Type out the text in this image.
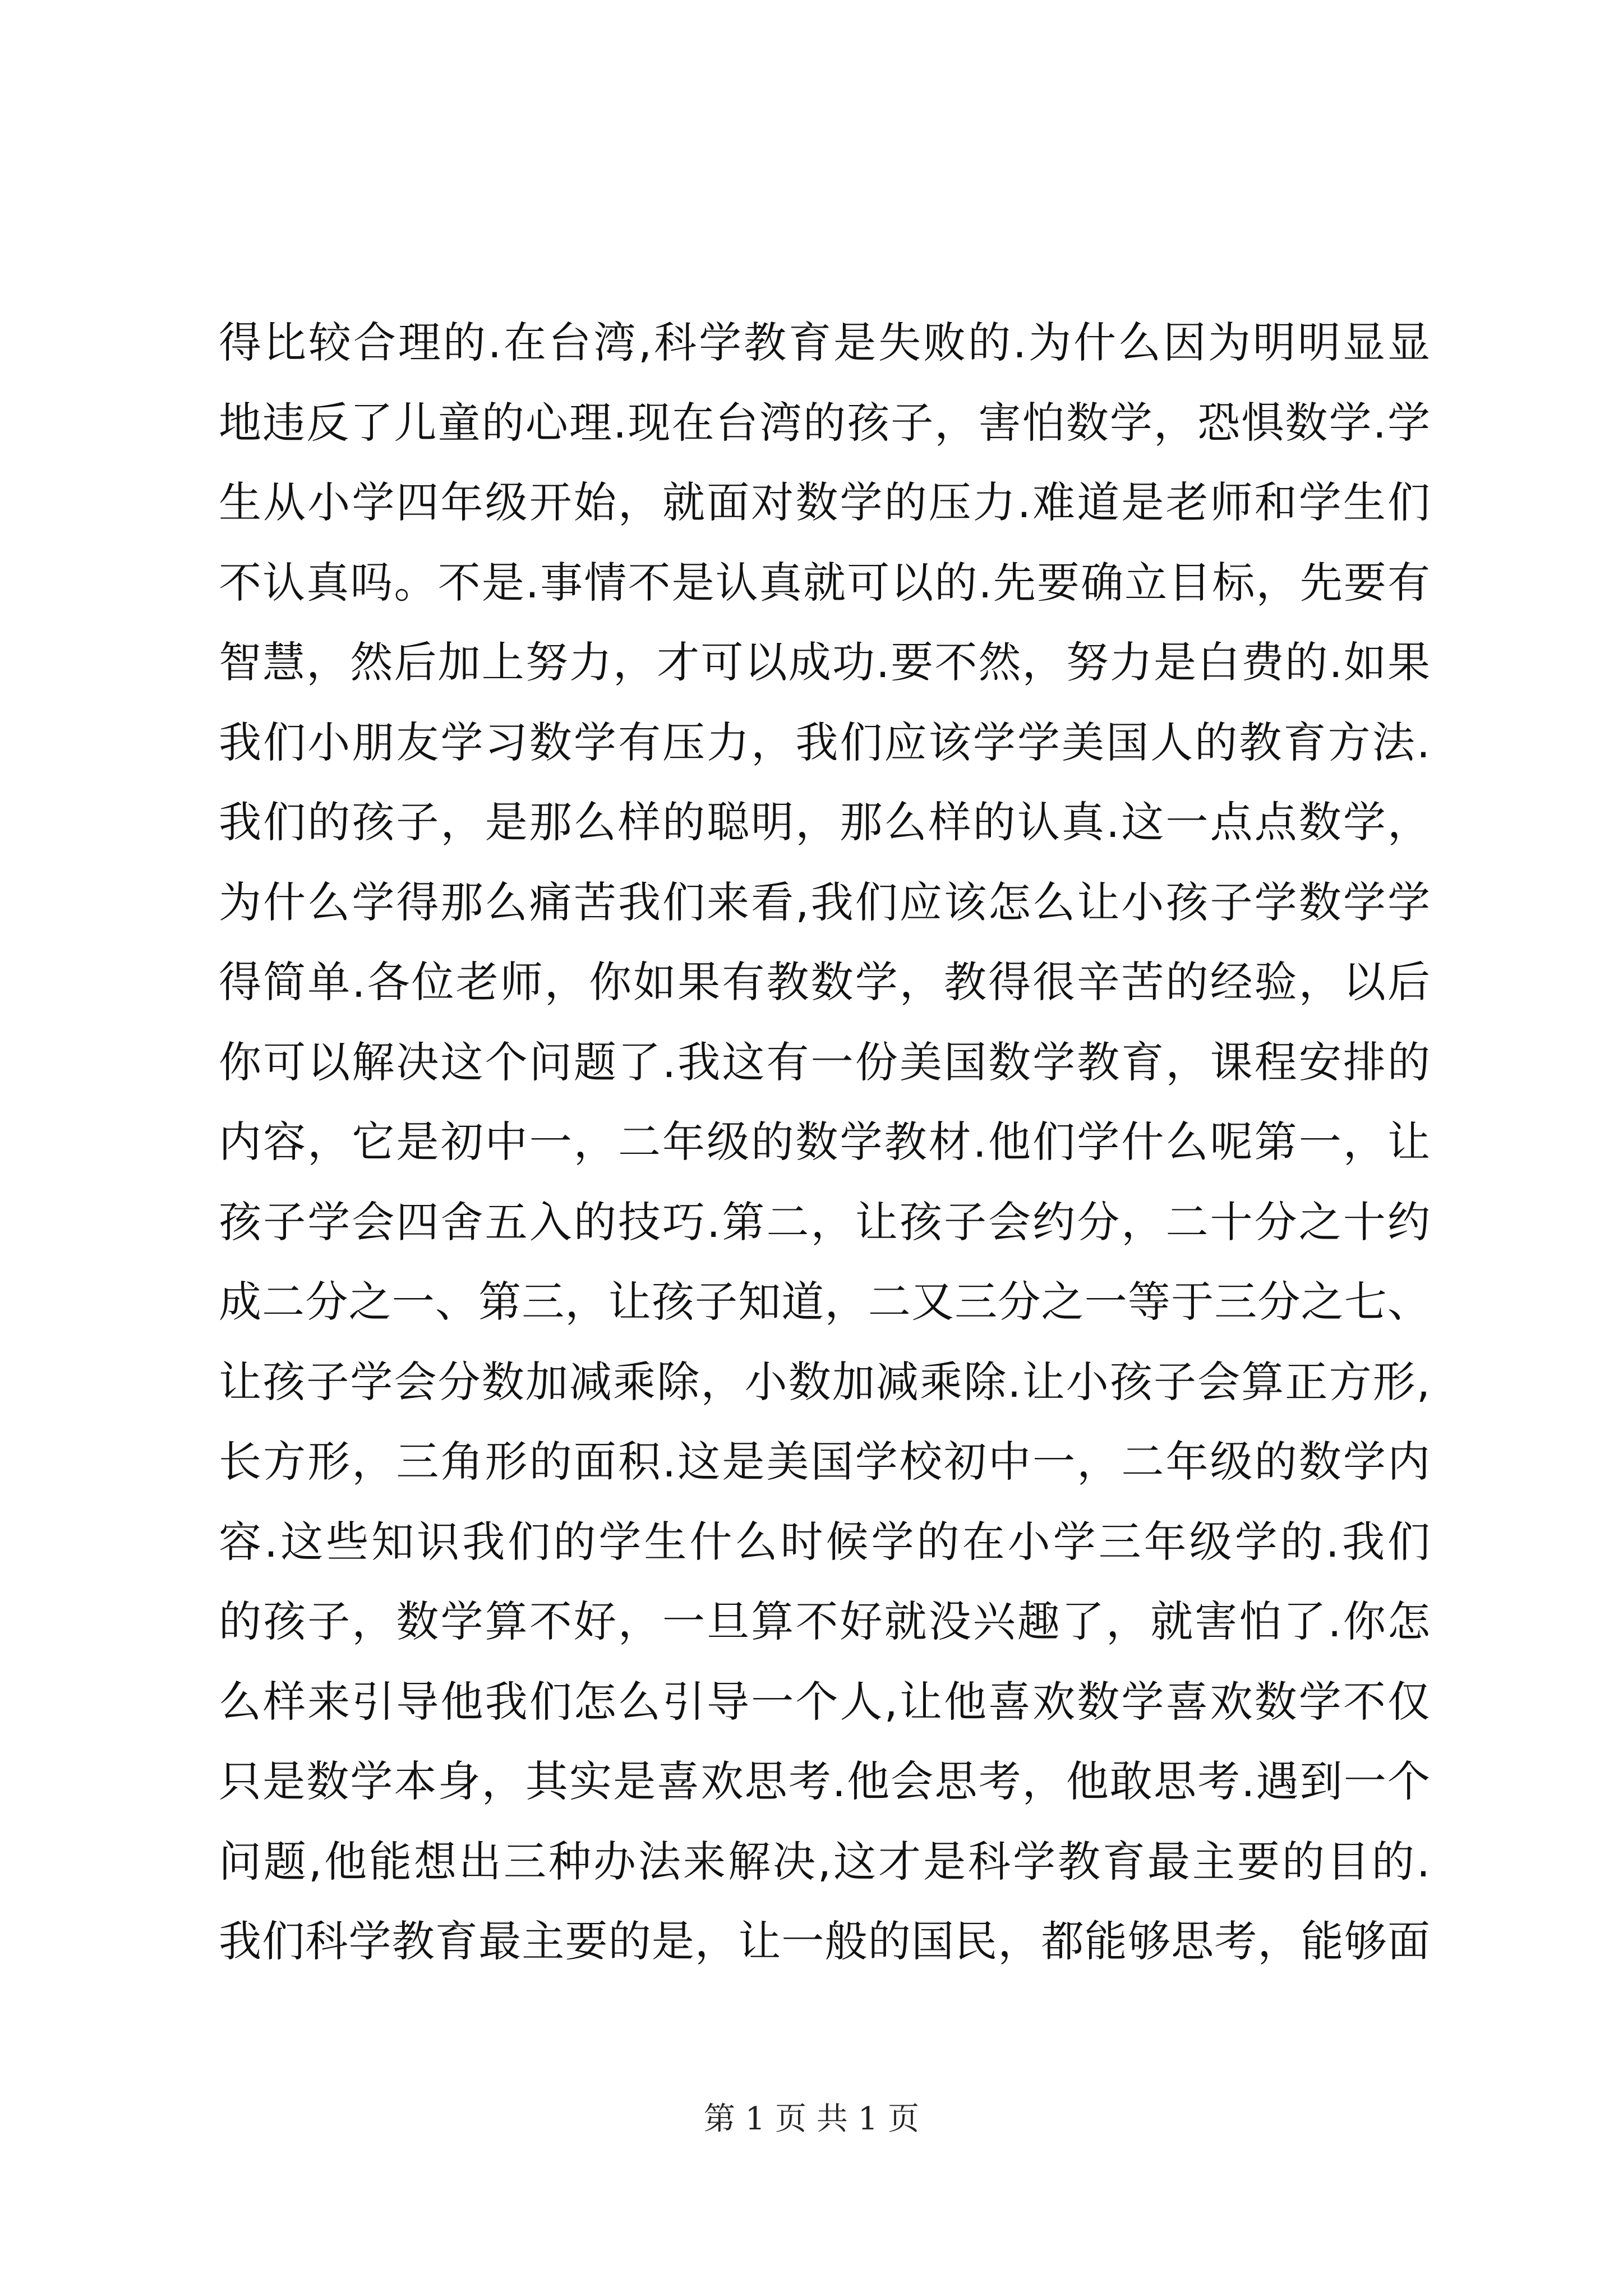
得比较合理的.在台湾,科学教育是失败的.为什么因为明明显显
地违反了儿童的心理.现在台湾的孩子，害怕数学，恐惧数学.学
生从小学四年级开始，就面对数学的压力.难道是老师和学生们
不认真吗。不是.事情不是认真就可以的.先要确立目标，先要有
智慧，然后加上努力，才可以成功.要不然，努力是白费的.如果
我们小朋友学习数学有压力，我们应该学学美国人的教育方法.
我们的孩子，是那么样的聪明，那么样的认真.这一点点数学，
为什么学得那么痛苦我们来看,我们应该怎么让小孩子学数学学
得简单.各位老师，你如果有教数学，教得很辛苦的经验，以后
你可以解决这个问题了.我这有一份美国数学教育，课程安排的
内容，它是初中一，二年级的数学教材.他们学什么呢第一，让
孩子学会四舍五入的技巧.第二，让孩子会约分，二十分之十约
成二分之一、第三，让孩子知道，二又三分之一等于三分之七、
让孩子学会分数加减乘除，小数加减乘除.让小孩子会算正方形,
长方形，三角形的面积.这是美国学校初中一，二年级的数学内
容.这些知识我们的学生什么时候学的在小学三年级学的.我们
的孩子，数学算不好，一旦算不好就没兴趣了，就害怕了.你怎
么样来引导他我们怎么引导一个人,让他喜欢数学喜欢数学不仅
只是数学本身，其实是喜欢思考.他会思考，他敢思考.遇到一个
问题,他能想出三种办法来解决,这才是科学教育最主要的目的.
我们科学教育最主要的是，让一般的国民，都能够思考，能够面
第 1 页 共 1 页
